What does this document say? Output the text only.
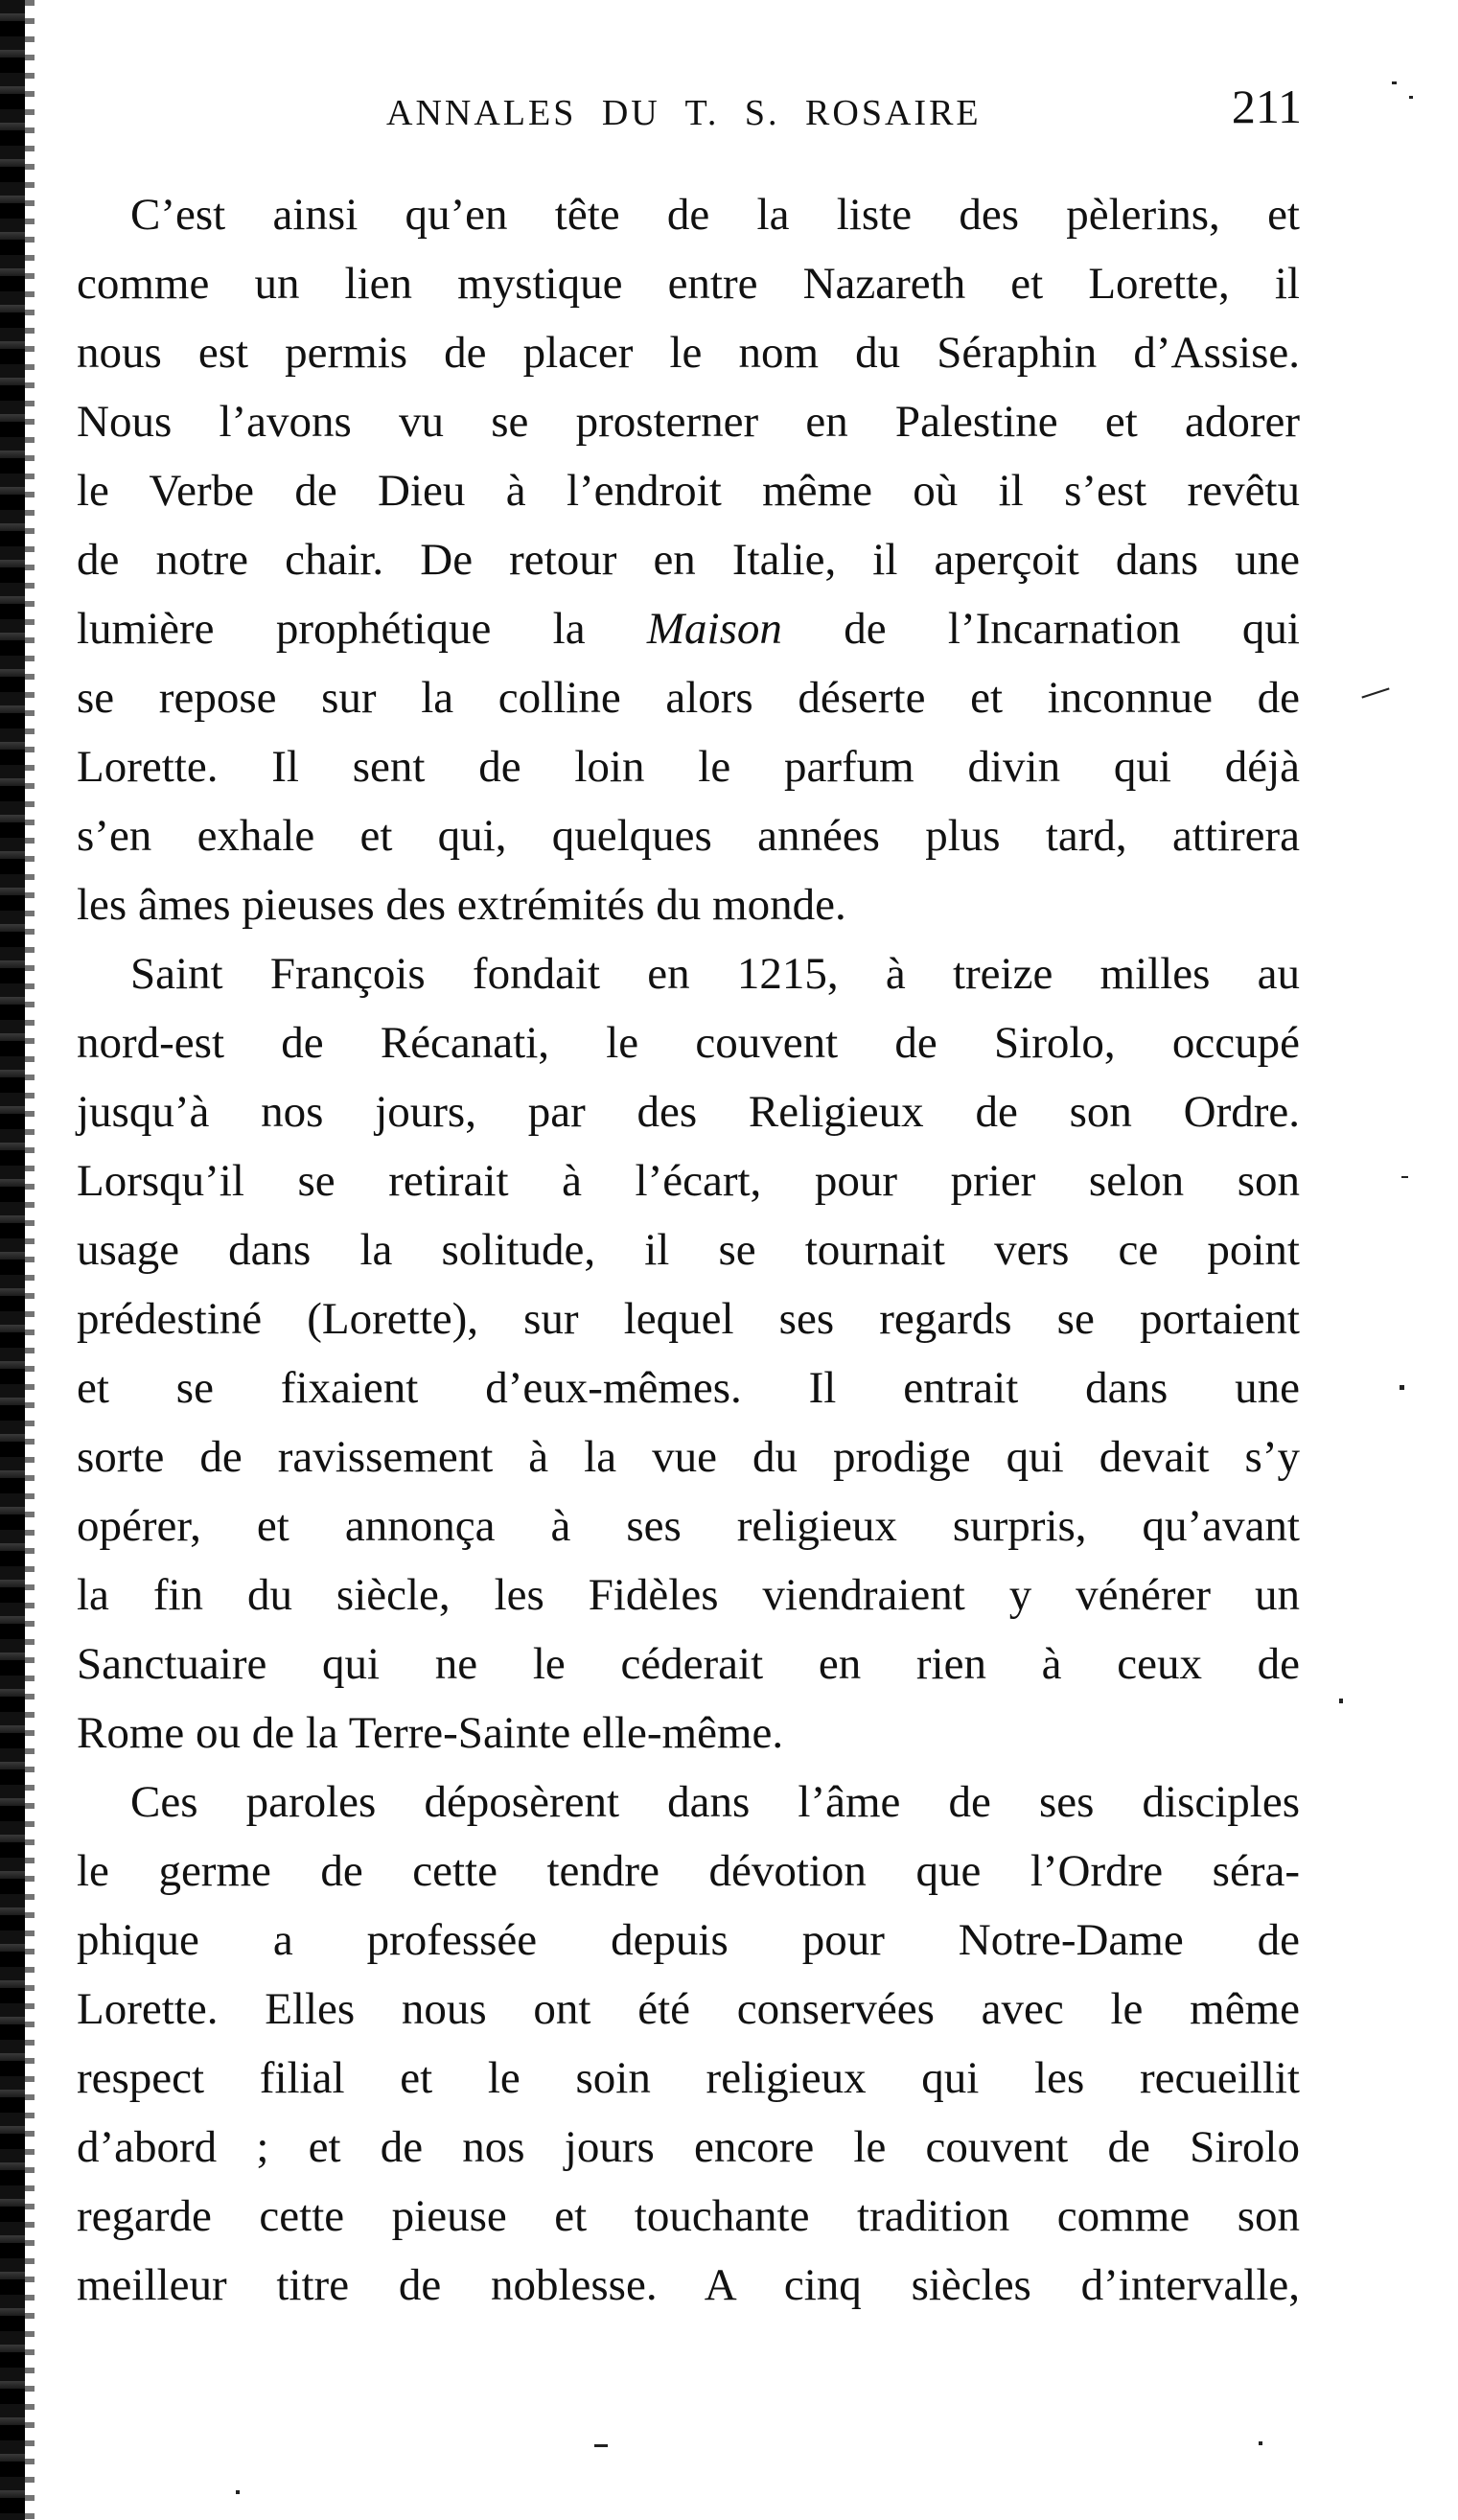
ANNALES DU T. S. ROSAIRE	211
C’est ainsi qu’en tête de la liste des pèlerins, et
comme un lien mystique entre Nazareth et Lorette, il
nous est permis de placer le nom du Séraphin d’Assise.
Nous l’avons vu se prosterner en Palestine et adorer
le Verbe de Dieu à l’endroit même où il s’est revêtu
de notre chair. De retour en Italie, il aperçoit dans une
lumière prophétique la Maison de l’Incarnation qui
se repose sur la colline alors déserte et inconnue de
Lorette. Il sent de loin le parfum divin qui déjà
s’en exhale et qui, quelques années plus tard, attirera
les âmes pieuses des extrémités du monde.
Saint François fondait en 1215, à treize milles au
nord-est de Récanati, le couvent de Sirolo, occupé
jusqu’à nos jours, par des Religieux de son Ordre.
Lorsqu’il se retirait à l’écart, pour prier selon son
usage dans la solitude, il se tournait vers ce point
prédestiné (Lorette), sur lequel ses regards se portaient
et se fixaient d’eux-mêmes. Il entrait dans une
sorte de ravissement à la vue du prodige qui devait s’y
opérer, et annonça à ses religieux surpris, qu’avant
la fin du siècle, les Fidèles viendraient y vénérer un
Sanctuaire qui ne le céderait en rien à ceux de
Rome ou de la Terre-Sainte elle-même.
Ces paroles déposèrent dans l’âme de ses disciples
le germe de cette tendre dévotion que l’Ordre séra-
phique a professée depuis pour Notre-Dame de
Lorette. Elles nous ont été conservées avec le même
respect filial et le soin religieux qui les recueillit
d’abord ; et de nos jours encore le couvent de Sirolo
regarde cette pieuse et touchante tradition comme son
meilleur titre de noblesse. A cinq siècles d’intervalle,
